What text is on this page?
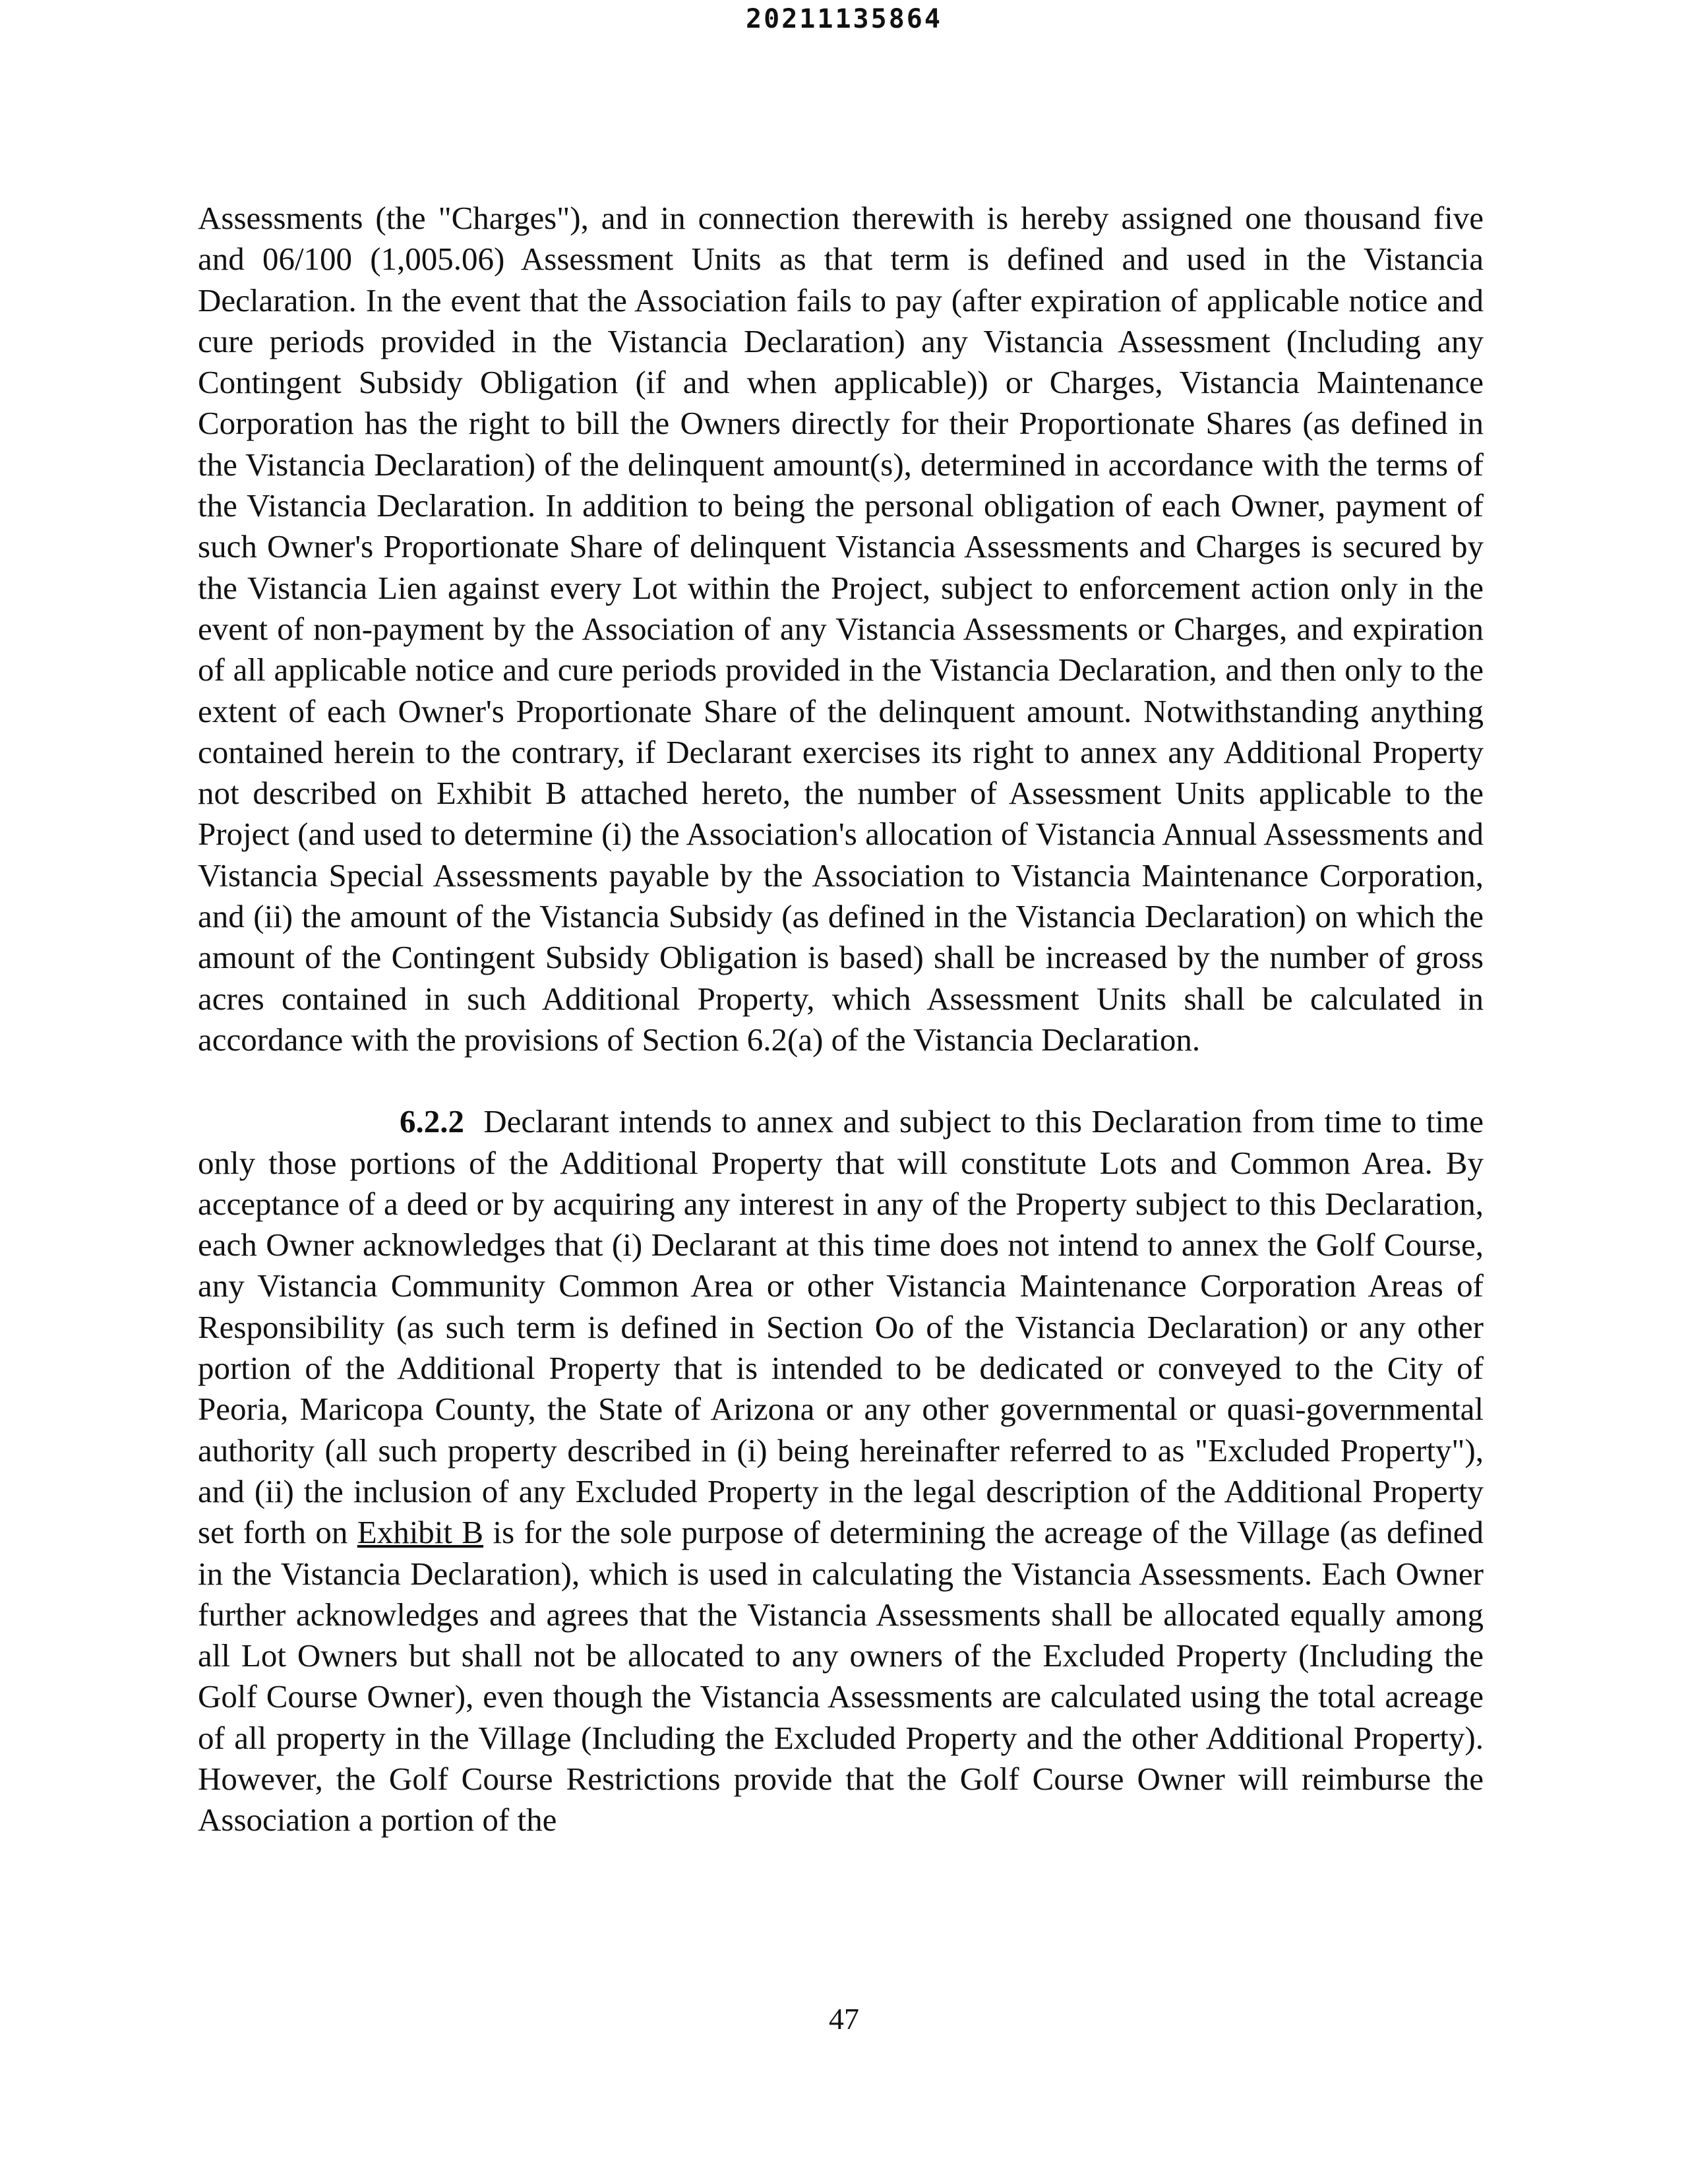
20211135864

Assessments (the "Charges"), and in connection therewith is hereby assigned one thousand five and 06/100 (1,005.06) Assessment Units as that term is defined and used in the Vistancia Declaration. In the event that the Association fails to pay (after expiration of applicable notice and cure periods provided in the Vistancia Declaration) any Vistancia Assessment (Including any Contingent Subsidy Obligation (if and when applicable)) or Charges, Vistancia Maintenance Corporation has the right to bill the Owners directly for their Proportionate Shares (as defined in the Vistancia Declaration) of the delinquent amount(s), determined in accordance with the terms of the Vistancia Declaration. In addition to being the personal obligation of each Owner, payment of such Owner's Proportionate Share of delinquent Vistancia Assessments and Charges is secured by the Vistancia Lien against every Lot within the Project, subject to enforcement action only in the event of non-payment by the Association of any Vistancia Assessments or Charges, and expiration of all applicable notice and cure periods provided in the Vistancia Declaration, and then only to the extent of each Owner's Proportionate Share of the delinquent amount. Notwithstanding anything contained herein to the contrary, if Declarant exercises its right to annex any Additional Property not described on Exhibit B attached hereto, the number of Assessment Units applicable to the Project (and used to determine (i) the Association's allocation of Vistancia Annual Assessments and Vistancia Special Assessments payable by the Association to Vistancia Maintenance Corporation, and (ii) the amount of the Vistancia Subsidy (as defined in the Vistancia Declaration) on which the amount of the Contingent Subsidy Obligation is based) shall be increased by the number of gross acres contained in such Additional Property, which Assessment Units shall be calculated in accordance with the provisions of Section 6.2(a) of the Vistancia Declaration.

6.2.2 Declarant intends to annex and subject to this Declaration from time to time only those portions of the Additional Property that will constitute Lots and Common Area. By acceptance of a deed or by acquiring any interest in any of the Property subject to this Declaration, each Owner acknowledges that (i) Declarant at this time does not intend to annex the Golf Course, any Vistancia Community Common Area or other Vistancia Maintenance Corporation Areas of Responsibility (as such term is defined in Section Oo of the Vistancia Declaration) or any other portion of the Additional Property that is intended to be dedicated or conveyed to the City of Peoria, Maricopa County, the State of Arizona or any other governmental or quasi-governmental authority (all such property described in (i) being hereinafter referred to as "Excluded Property"), and (ii) the inclusion of any Excluded Property in the legal description of the Additional Property set forth on Exhibit B is for the sole purpose of determining the acreage of the Village (as defined in the Vistancia Declaration), which is used in calculating the Vistancia Assessments. Each Owner further acknowledges and agrees that the Vistancia Assessments shall be allocated equally among all Lot Owners but shall not be allocated to any owners of the Excluded Property (Including the Golf Course Owner), even though the Vistancia Assessments are calculated using the total acreage of all property in the Village (Including the Excluded Property and the other Additional Property). However, the Golf Course Restrictions provide that the Golf Course Owner will reimburse the Association a portion of the

47
